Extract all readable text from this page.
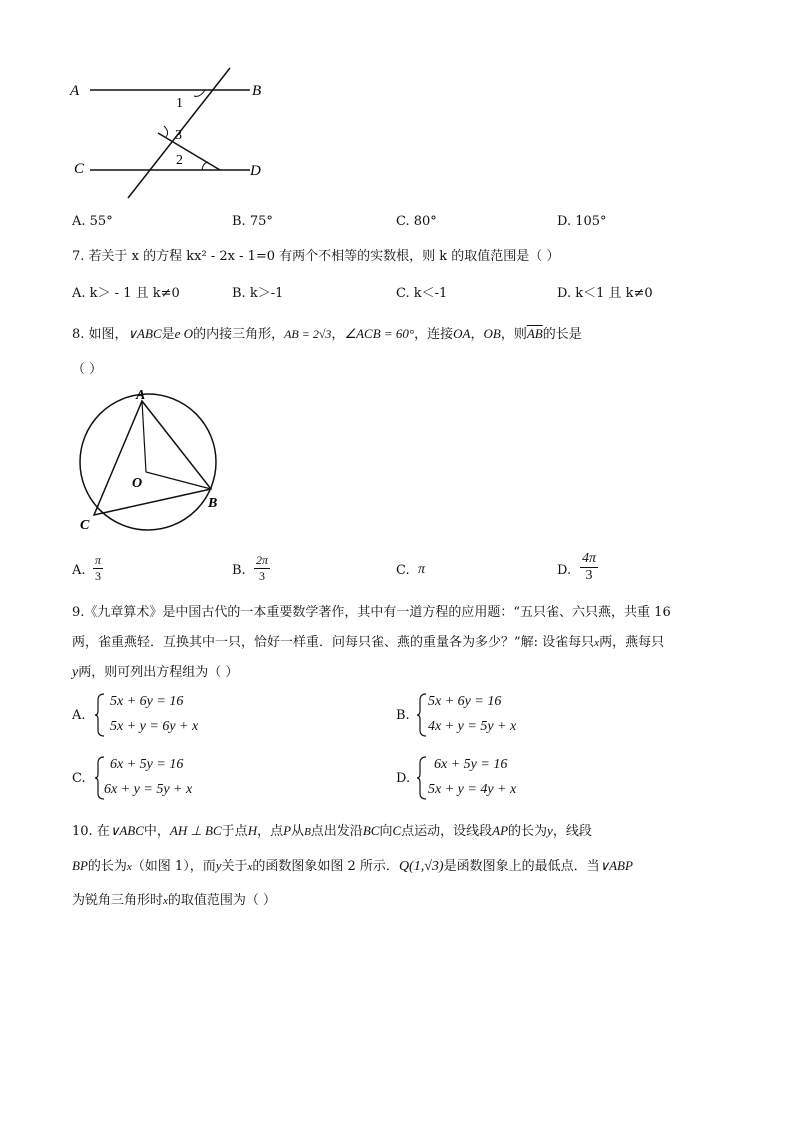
A	B
C	D
1
3
2
A. 55°	B. 75°	C. 80°	D. 105°
7. 若关于 x 的方程 kx² - 2x - 1=0 有两个不相等的实数根，则 k 的取值范围是（ ）
A. k＞ - 1 且 k≠0	B. k＞-1	C. k＜-1	D. k＜1 且 k≠0
8. 如图，∨ABC是e O的内接三角形，AB = 2√3，∠ACB = 60°，连接OA，OB，则$\overline{AB}$的长是
（ ）
A
B
C
O
A. $\frac{\pi}{3}$	B. $\frac{2\pi}{3}$	C. π	D. $\frac{4\pi}{3}$
9.《九章算术》是中国古代的一本重要数学著作，其中有一道方程的应用题：“五只雀、六只燕，共重 16
两，雀重燕轻．互换其中一只，恰好一样重．问每只雀、燕的重量各为多少？”解: 设雀每只x两，燕每只
y两，则可列出方程组为（ ）
A.
5x + 6y = 16
5x + y = 6y + x
B.
5x + 6y = 16
4x + y = 5y + x
C.
6x + 5y = 16
6x + y = 5y + x
D.
6x + 5y = 16
5x + y = 4y + x
10. 在∨ABC中，AH ⊥ BC于点H，点P从B点出发沿BC向C点运动，设线段AP的长为y，线段
BP的长为x（如图 1），而y关于x的函数图象如图 2 所示．Q(1,√3)是函数图象上的最低点．当∨ABP
为锐角三角形时x的取值范围为（ ）
